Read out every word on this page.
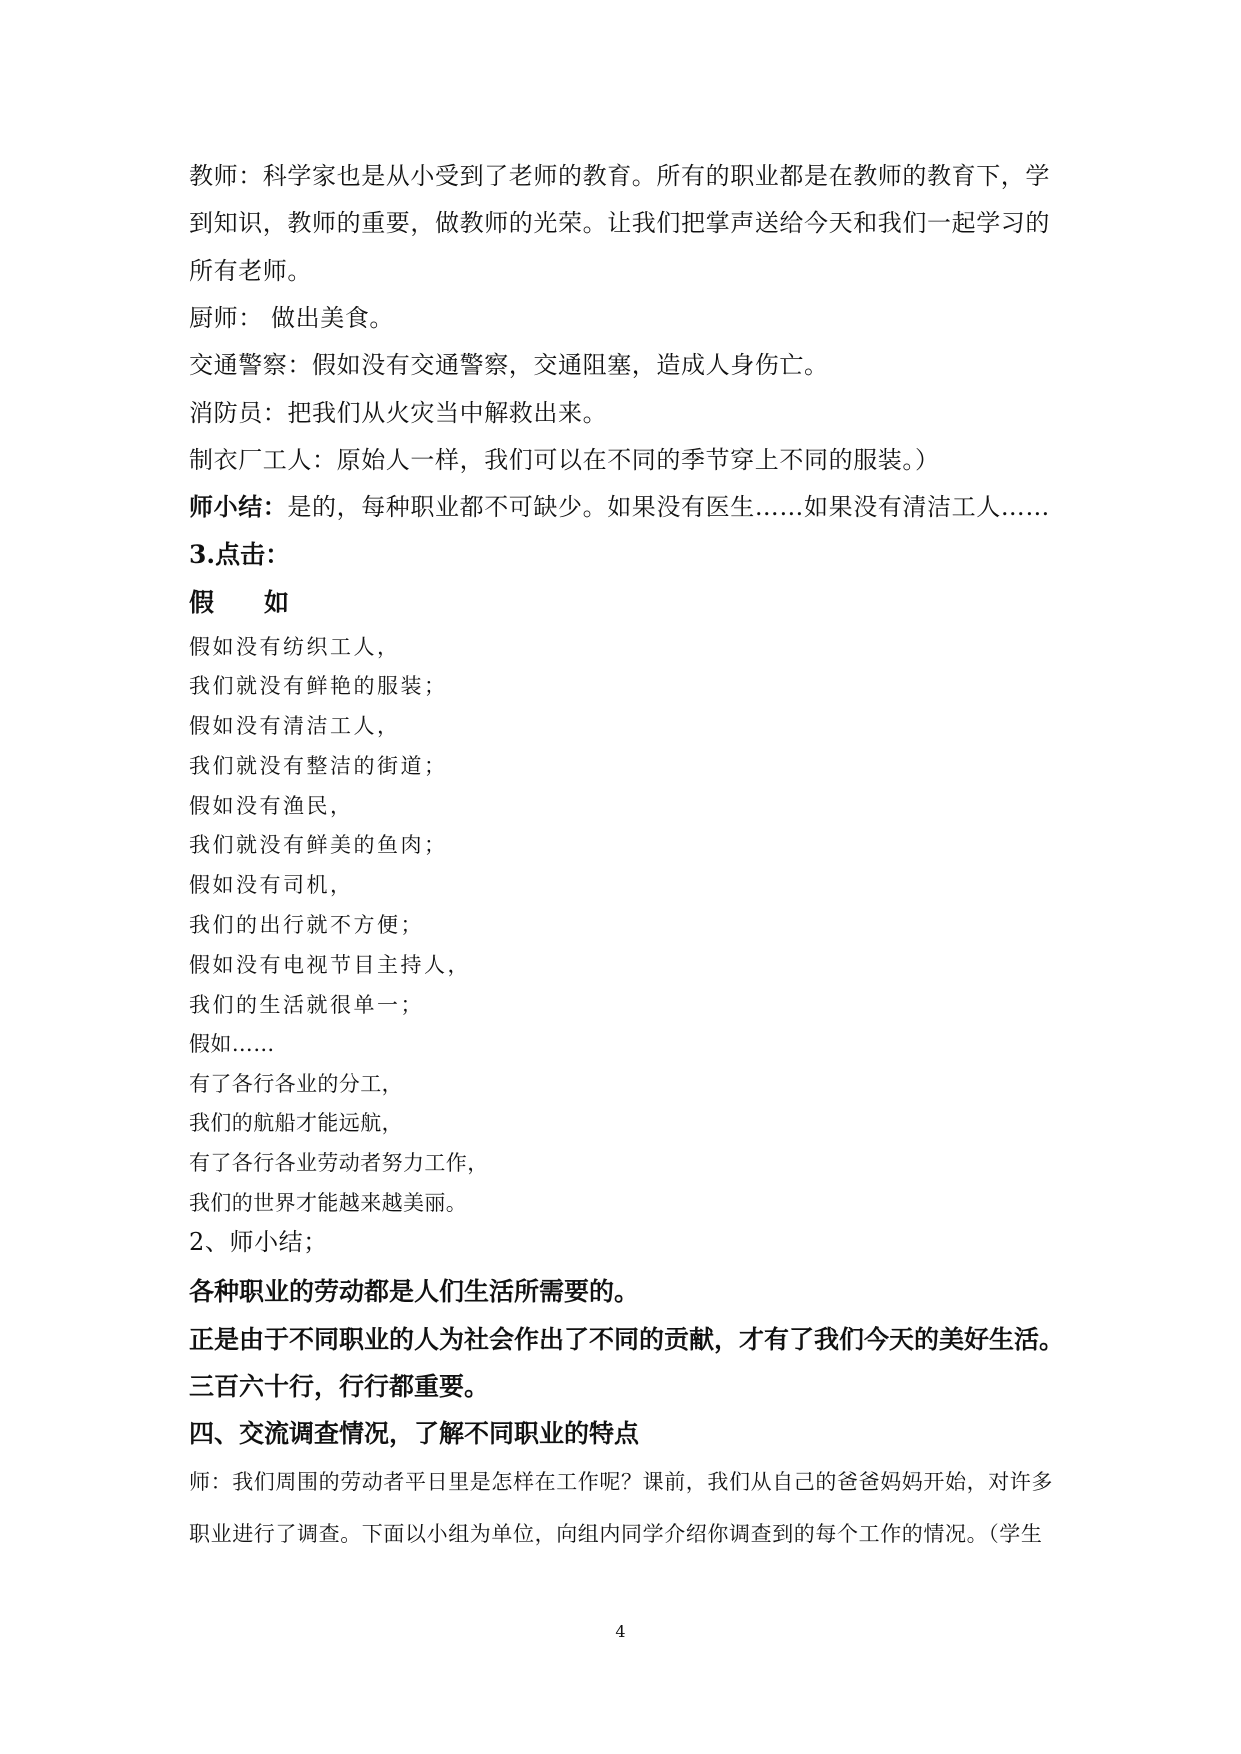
教师：科学家也是从小受到了老师的教育。所有的职业都是在教师的教育下，学
到知识，教师的重要，做教师的光荣。让我们把掌声送给今天和我们一起学习的
所有老师。
厨师： 做出美食。
交通警察：假如没有交通警察，交通阻塞，造成人身伤亡。
消防员：把我们从火灾当中解救出来。
制衣厂工人：原始人一样，我们可以在不同的季节穿上不同的服装。）
师小结：是的，每种职业都不可缺少。如果没有医生……如果没有清洁工人……
3.点击：
假　　如
假如没有纺织工人，
我们就没有鲜艳的服装；
假如没有清洁工人，
我们就没有整洁的街道；
假如没有渔民，
我们就没有鲜美的鱼肉；
假如没有司机，
我们的出行就不方便；
假如没有电视节目主持人，
我们的生活就很单一；
假如……
有了各行各业的分工，
我们的航船才能远航，
有了各行各业劳动者努力工作，
我们的世界才能越来越美丽。
2、师小结；
各种职业的劳动都是人们生活所需要的。
正是由于不同职业的人为社会作出了不同的贡献，才有了我们今天的美好生活。
三百六十行，行行都重要。
四、交流调查情况，了解不同职业的特点
师：我们周围的劳动者平日里是怎样在工作呢？课前，我们从自己的爸爸妈妈开始，对许多
职业进行了调查。下面以小组为单位，向组内同学介绍你调查到的每个工作的情况。（学生
4
